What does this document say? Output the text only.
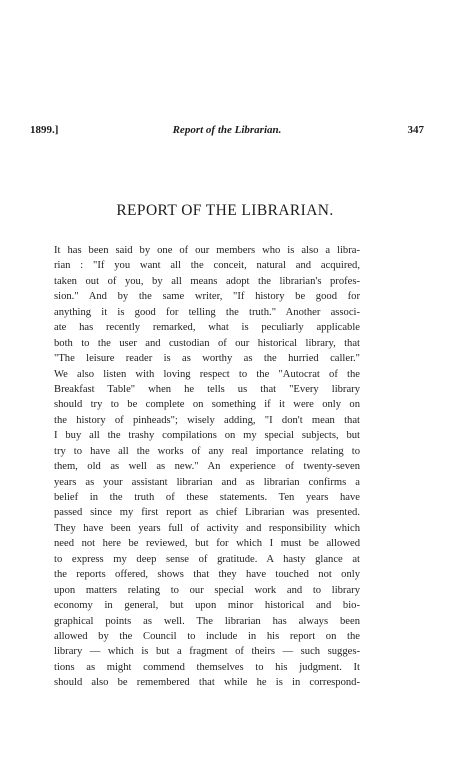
1899.]	Report of the Librarian.	347
REPORT OF THE LIBRARIAN.
It has been said by one of our members who is also a libra-
rian : "If you want all the conceit, natural and acquired,
taken out of you, by all means adopt the librarian's profes-
sion." And by the same writer, "If history be good for
anything it is good for telling the truth." Another associ-
ate has recently remarked, what is peculiarly applicable
both to the user and custodian of our historical library, that
"The leisure reader is as worthy as the hurried caller."
We also listen with loving respect to the "Autocrat of the
Breakfast Table" when he tells us that "Every library
should try to be complete on something if it were only on
the history of pinheads"; wisely adding, "I don't mean that
I buy all the trashy compilations on my special subjects, but
try to have all the works of any real importance relating to
them, old as well as new." An experience of twenty-seven
years as your assistant librarian and as librarian confirms a
belief in the truth of these statements. Ten years have
passed since my first report as chief Librarian was presented.
They have been years full of activity and responsibility which
need not here be reviewed, but for which I must be allowed
to express my deep sense of gratitude. A hasty glance at
the reports offered, shows that they have touched not only
upon matters relating to our special work and to library
economy in general, but upon minor historical and bio-
graphical points as well. The librarian has always been
allowed by the Council to include in his report on the
library — which is but a fragment of theirs — such sugges-
tions as might commend themselves to his judgment. It
should also be remembered that while he is in correspond-
